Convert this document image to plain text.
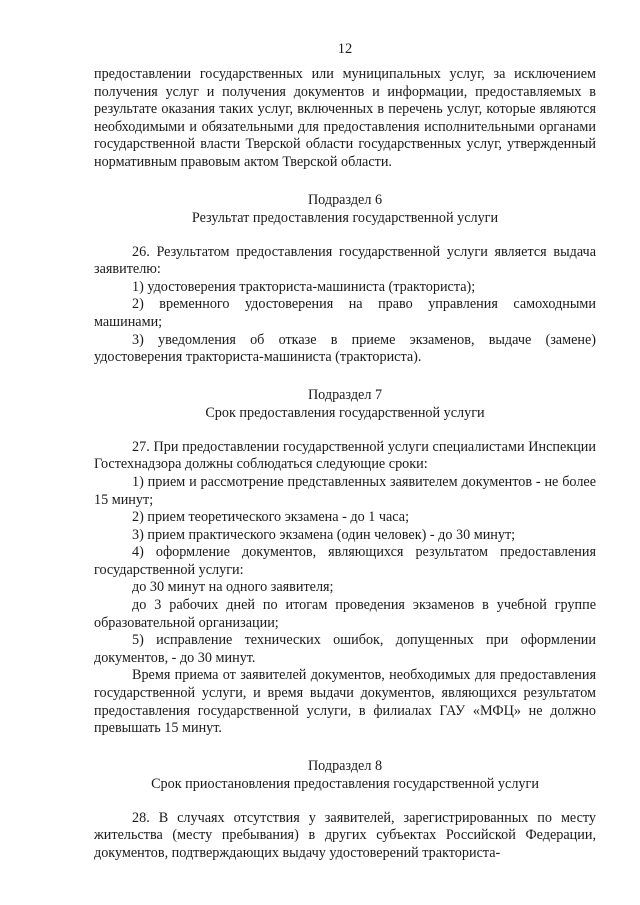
12

предоставлении государственных или муниципальных услуг, за исключением получения услуг и получения документов и информации, предоставляемых в результате оказания таких услуг, включенных в перечень услуг, которые являются необходимыми и обязательными для предоставления исполнительными органами государственной власти Тверской области государственных услуг, утвержденный нормативным правовым актом Тверской области.

Подраздел 6
Результат предоставления государственной услуги

26. Результатом предоставления государственной услуги является выдача заявителю:

1) удостоверения тракториста-машиниста (тракториста);

2) временного удостоверения на право управления самоходными машинами;

3) уведомления об отказе в приеме экзаменов, выдаче (замене) удостоверения тракториста-машиниста (тракториста).

Подраздел 7
Срок предоставления государственной услуги

27. При предоставлении государственной услуги специалистами Инспекции Гостехнадзора должны соблюдаться следующие сроки:

1) прием и рассмотрение представленных заявителем документов - не более 15 минут;

2) прием теоретического экзамена - до 1 часа;

3) прием практического экзамена (один человек) - до 30 минут;

4) оформление документов, являющихся результатом предоставления государственной услуги:

до 30 минут на одного заявителя;

до 3 рабочих дней по итогам проведения экзаменов в учебной группе образовательной организации;

5) исправление технических ошибок, допущенных при оформлении документов, - до 30 минут.

Время приема от заявителей документов, необходимых для предоставления государственной услуги, и время выдачи документов, являющихся результатом предоставления государственной услуги, в филиалах ГАУ «МФЦ» не должно превышать 15 минут.

Подраздел 8
Срок приостановления предоставления государственной услуги

28. В случаях отсутствия у заявителей, зарегистрированных по месту жительства (месту пребывания) в других субъектах Российской Федерации, документов, подтверждающих выдачу удостоверений тракториста-
